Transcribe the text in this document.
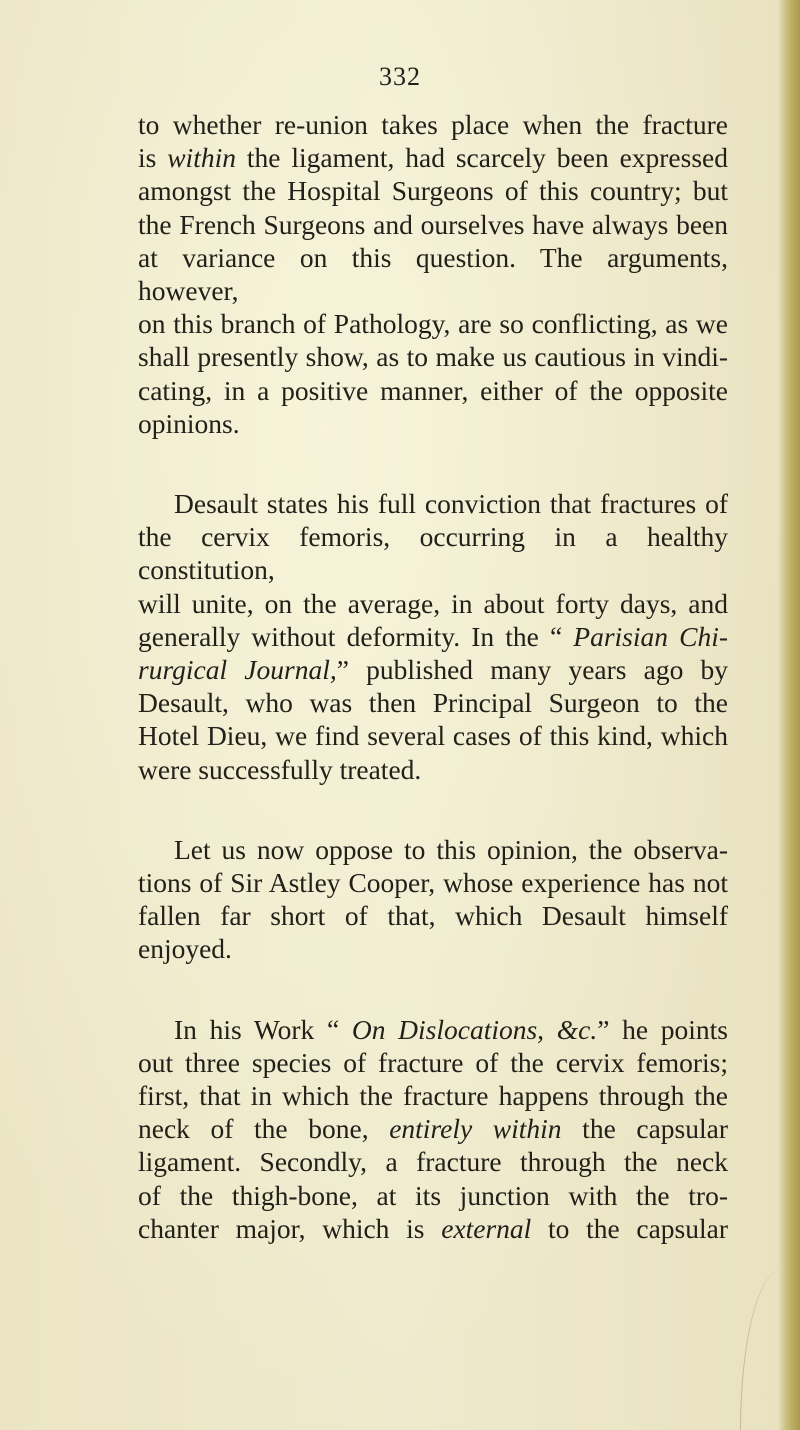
332

to whether re-union takes place when the fracture

is within the ligament, had scarcely been expressed

amongst the Hospital Surgeons of this country; but

the French Surgeons and ourselves have always been

at variance on this question. The arguments, however,

on this branch of Pathology, are so conflicting, as we

shall presently show, as to make us cautious in vindi-

cating, in a positive manner, either of the opposite

opinions.

Desault states his full conviction that fractures of

the cervix femoris, occurring in a healthy constitution,

will unite, on the average, in about forty days, and

generally without deformity. In the “ Parisian Chi-

rurgical Journal,” published many years ago by

Desault, who was then Principal Surgeon to the

Hotel Dieu, we find several cases of this kind, which

were successfully treated.

Let us now oppose to this opinion, the observa-

tions of Sir Astley Cooper, whose experience has not

fallen far short of that, which Desault himself enjoyed.

In his Work “ On Dislocations, &c.” he points

out three species of fracture of the cervix femoris;

first, that in which the fracture happens through the

neck of the bone, entirely within the capsular

ligament. Secondly, a fracture through the neck

of the thigh-bone, at its junction with the tro-

chanter major, which is external to the capsular
